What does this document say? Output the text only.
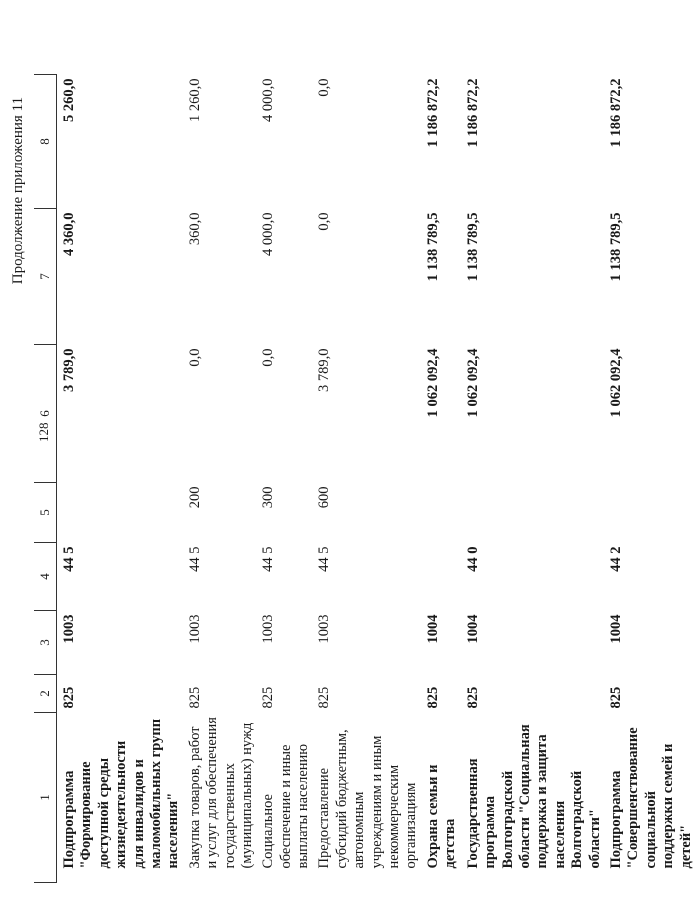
128
Продолжение приложения 11
1	2	3	4	5	6	7	8
Подпрограмма "Формирование доступной среды жизнедеятельности для инвалидов и маломобильных групп населения"	825	1003	44 5		3 789,0	4 360,0	5 260,0
Закупка товаров, работ и услуг для обеспечения государственных (муниципальных) нужд	825	1003	44 5	200	0,0	360,0	1 260,0
Социальное обеспечение и иные выплаты населению	825	1003	44 5	300	0,0	4 000,0	4 000,0
Предоставление субсидий бюджетным, автономным учреждениям и иным некоммерческим организациям	825	1003	44 5	600	3 789,0	0,0	0,0
Охрана семьи и детства	825	1004			1 062 092,4	1 138 789,5	1 186 872,2
Государственная программа Волгоградской области "Социальная поддержка и защита населения Волгоградской области"	825	1004	44 0		1 062 092,4	1 138 789,5	1 186 872,2
Подпрограмма "Совершенствование социальной поддержки семей и детей"	825	1004	44 2		1 062 092,4	1 138 789,5	1 186 872,2
